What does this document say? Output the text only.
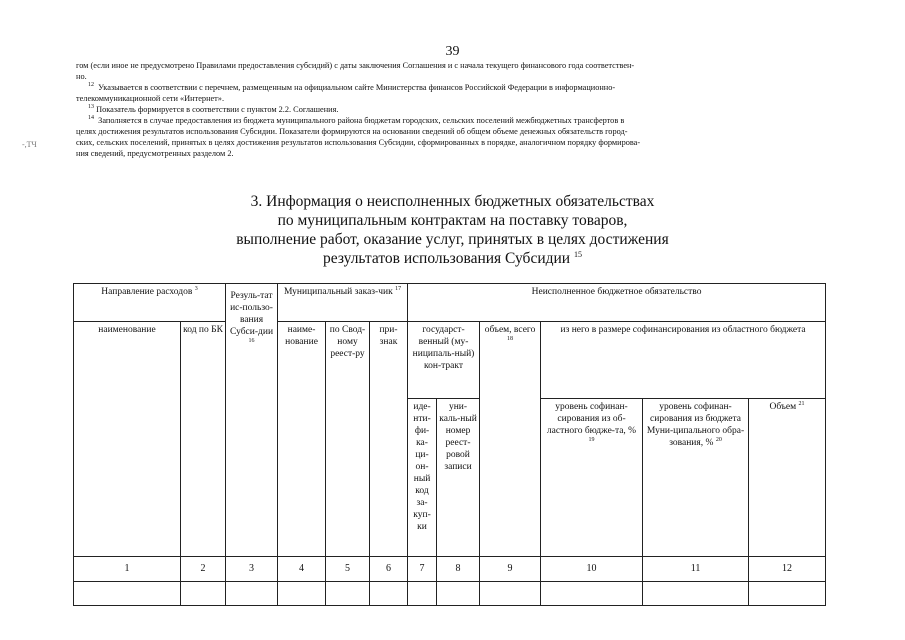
39
-,ТЧ
гом (если иное не предусмотрено Правилами предоставления субсидий) с даты заключения Соглашения и с начала текущего финансового года соответствен-
но.
$^{12}$ Указывается в соответствии с перечнем, размещенным на официальном сайте Министерства финансов Российской Федерации в информационно-
телекоммуникационной сети «Интернет».
$^{13}$ Показатель формируется в соответствии с пунктом 2.2. Соглашения.
$^{14}$ Заполняется в случае предоставления из бюджета муниципального района бюджетам городских, сельских поселений межбюджетных трансфертов в
целях достижения результатов использования Субсидии. Показатели формируются на основании сведений об общем объеме денежных обязательств город-
ских, сельских поселений, принятых в целях достижения результатов использования Субсидии, сформированных в порядке, аналогичном порядку формирова-
ния сведений, предусмотренных разделом 2.
3. Информация о неисполненных бюджетных обязательствах
по муниципальным контрактам на поставку товаров,
выполнение работ, оказание услуг, принятых в целях достижения
результатов использования Субсидии $^{15}$
Направление расходов $^3$		Резуль-тат ис-пользо-вания Субси-дии $^{16}$	Муниципальный заказ-чик $^{17}$			Неисполненное бюджетное обязательство					
наименование	код по БК		наиме-нование	по Свод-ному реест-ру	при-знак	государст-венный (му-ниципаль-ный) кон-тракт		объем, всего $^{18}$	из него в размере софинансирования из областного бюджета		
						иде-нти-фи-ка-ци-он-ный код за-куп-ки	уни-каль-ный номер реест-ровой записи		уровень софинан-сирования из об-ластного бюдже-та, % $^{19}$	уровень софинан-сирования из бюджета Муни-ципального обра-зования, % $^{20}$	Объем $^{21}$
1	2	3	4	5	6	7	8	9	10	11	12
